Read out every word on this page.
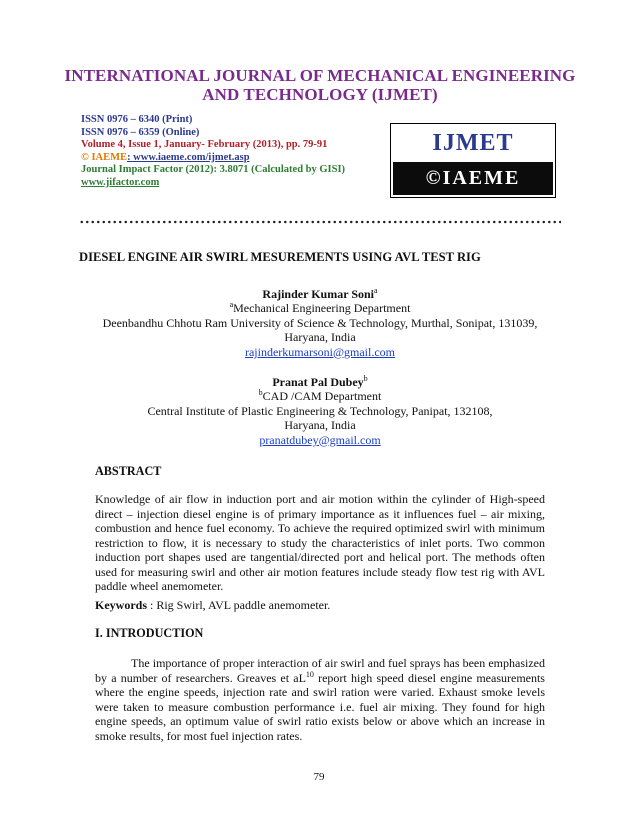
INTERNATIONAL JOURNAL OF MECHANICAL ENGINEERING
AND TECHNOLOGY (IJMET)
ISSN 0976 – 6340 (Print)
ISSN 0976 – 6359 (Online)
Volume 4, Issue 1, January- February (2013), pp. 79-91
© IAEME: www.iaeme.com/ijmet.asp
Journal Impact Factor (2012): 3.8071 (Calculated by GISI)
www.jifactor.com
IJMET
©IAEME
DIESEL ENGINE AIR SWIRL MESUREMENTS USING AVL TEST RIG
Rajinder Kumar Soni$^a$
$^a$Mechanical Engineering Department
Deenbandhu Chhotu Ram University of Science & Technology, Murthal, Sonipat, 131039,
Haryana, India
rajinderkumarsoni@gmail.com
Pranat Pal Dubey$^b$
$^b$CAD /CAM Department
Central Institute of Plastic Engineering & Technology, Panipat, 132108,
Haryana, India
pranatdubey@gmail.com
ABSTRACT
Knowledge of air flow in induction port and air motion within the cylinder of High-speed direct – injection diesel engine is of primary importance as it influences fuel – air mixing, combustion and hence fuel economy. To achieve the required optimized swirl with minimum restriction to flow, it is necessary to study the characteristics of inlet ports. Two common induction port shapes used are tangential/directed port and helical port. The methods often used for measuring swirl and other air motion features include steady flow test rig with AVL paddle wheel anemometer.
Keywords : Rig Swirl, AVL paddle anemometer.
I. INTRODUCTION
The importance of proper interaction of air swirl and fuel sprays has been emphasized by a number of researchers. Greaves et $aL^{10}$ report high speed diesel engine measurements where the engine speeds, injection rate and swirl ration were varied. Exhaust smoke levels were taken to measure combustion performance i.e. fuel air mixing. They found for high engine speeds, an optimum value of swirl ratio exists below or above which an increase in smoke results, for most fuel injection rates.
79
